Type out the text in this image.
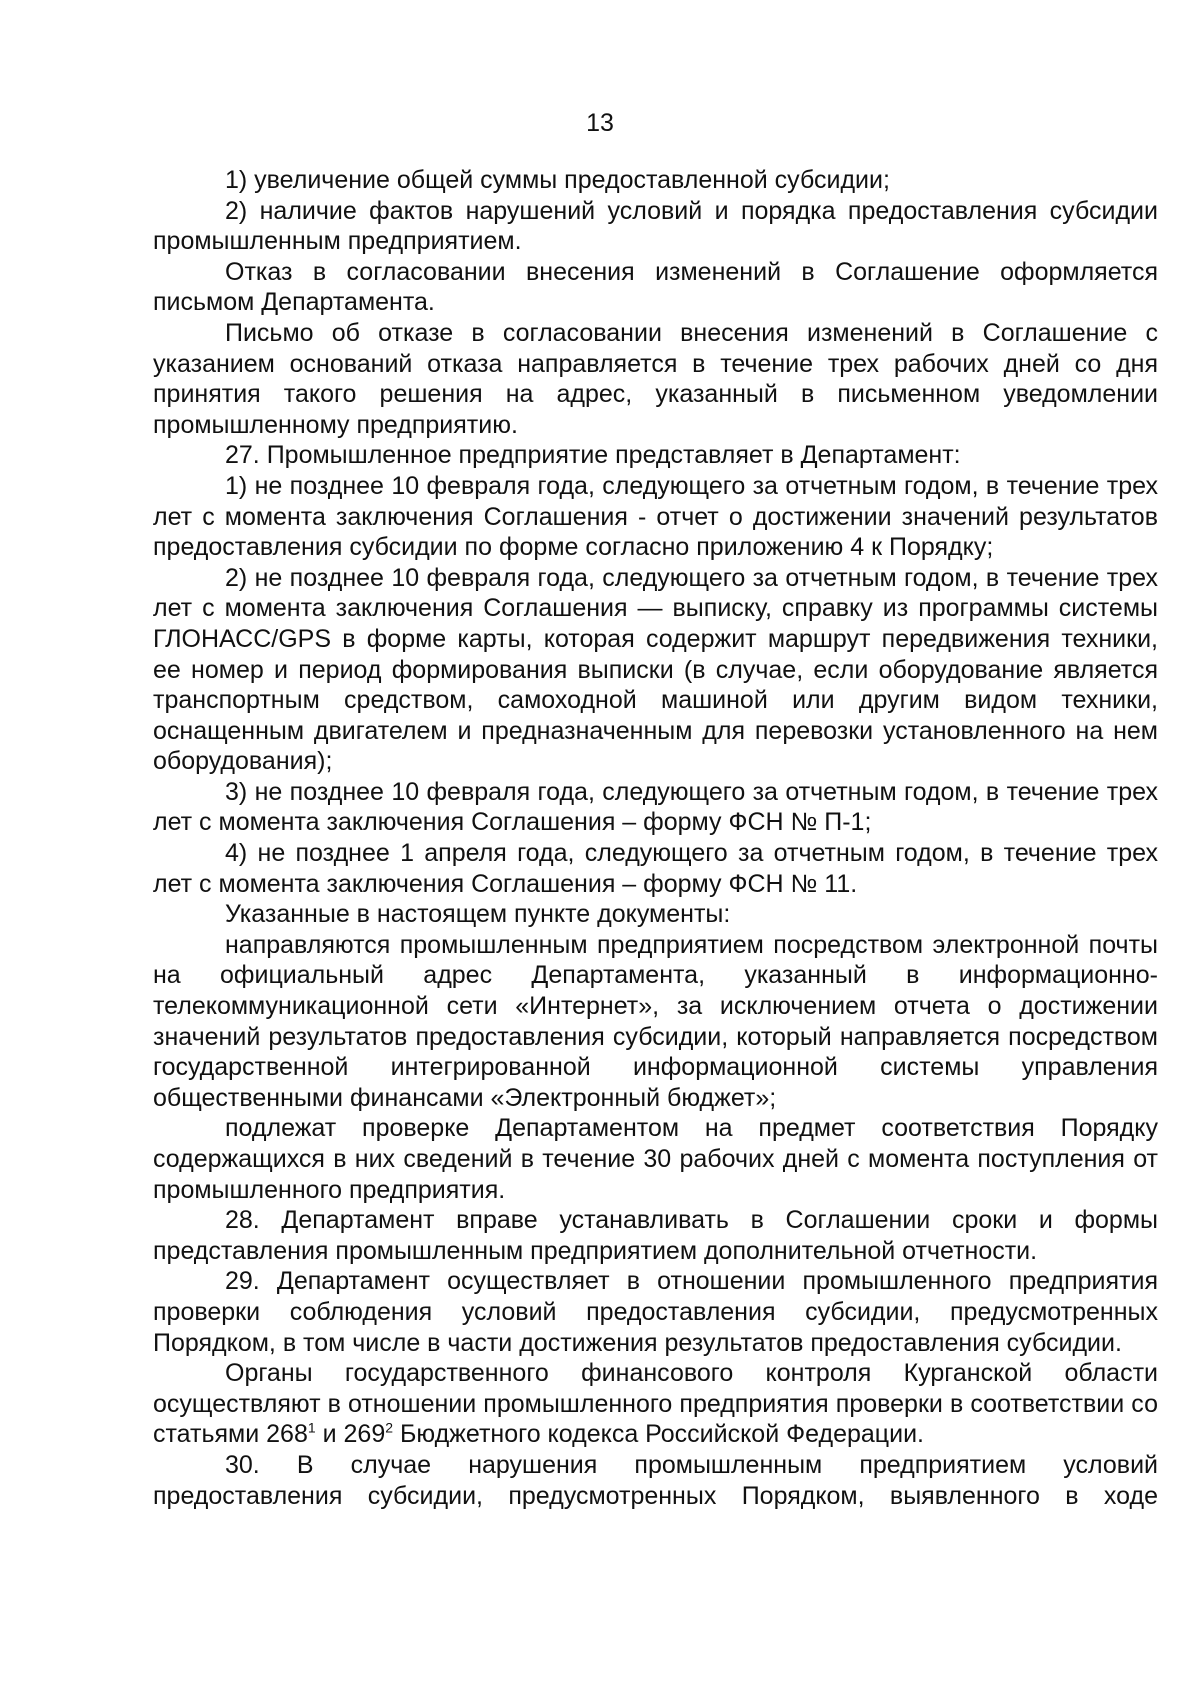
13

1) увеличение общей суммы предоставленной субсидии;

2) наличие фактов нарушений условий и порядка предоставления субсидии промышленным предприятием.

Отказ в согласовании внесения изменений в Соглашение оформляется письмом Департамента.

Письмо об отказе в согласовании внесения изменений в Соглашение с указанием оснований отказа направляется в течение трех рабочих дней со дня принятия такого решения на адрес, указанный в письменном уведомлении промышленному предприятию.

27. Промышленное предприятие представляет в Департамент:

1) не позднее 10 февраля года, следующего за отчетным годом, в течение трех лет с момента заключения Соглашения - отчет о достижении значений результатов предоставления субсидии по форме согласно приложению 4 к Порядку;

2) не позднее 10 февраля года, следующего за отчетным годом, в течение трех лет с момента заключения Соглашения — выписку, справку из программы системы ГЛОНАСС/GPS в форме карты, которая содержит маршрут передвижения техники, ее номер и период формирования выписки (в случае, если оборудование является транспортным средством, самоходной машиной или другим видом техники, оснащенным двигателем и предназначенным для перевозки установленного на нем оборудования);

3) не позднее 10 февраля года, следующего за отчетным годом, в течение трех лет с момента заключения Соглашения – форму ФСН № П-1;

4) не позднее 1 апреля года, следующего за отчетным годом, в течение трех лет с момента заключения Соглашения – форму ФСН № 11.

Указанные в настоящем пункте документы:

направляются промышленным предприятием посредством электронной почты на официальный адрес Департамента, указанный в информационно-телекоммуникационной сети «Интернет», за исключением отчета о достижении значений результатов предоставления субсидии, который направляется посредством государственной интегрированной информационной системы управления общественными финансами «Электронный бюджет»;

подлежат проверке Департаментом на предмет соответствия Порядку содержащихся в них сведений в течение 30 рабочих дней с момента поступления от промышленного предприятия.

28. Департамент вправе устанавливать в Соглашении сроки и формы представления промышленным предприятием дополнительной отчетности.

29. Департамент осуществляет в отношении промышленного предприятия проверки соблюдения условий предоставления субсидии, предусмотренных Порядком, в том числе в части достижения результатов предоставления субсидии.

Органы государственного финансового контроля Курганской области осуществляют в отношении промышленного предприятия проверки в соответствии со статьями $268^1$ и $269^2$ Бюджетного кодекса Российской Федерации.

30. В случае нарушения промышленным предприятием условий предоставления субсидии, предусмотренных Порядком, выявленного в ходе
